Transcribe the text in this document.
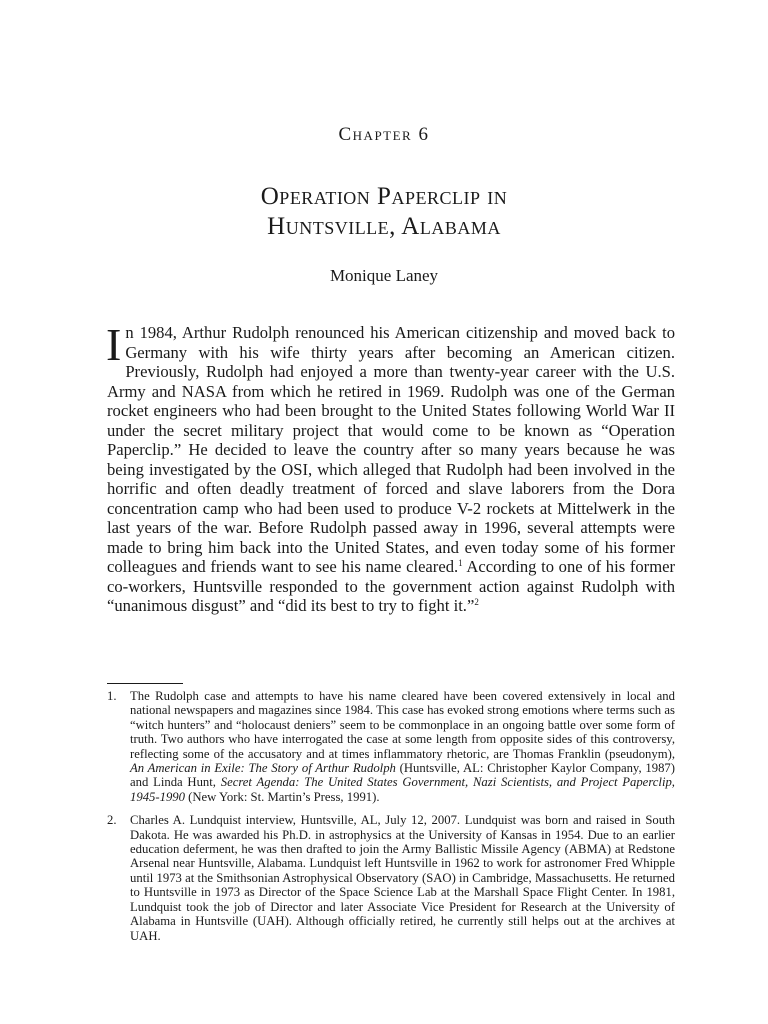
Chapter 6
Operation Paperclip in
Huntsville, Alabama
Monique Laney

In 1984, Arthur Rudolph renounced his American citizenship and moved back to Germany with his wife thirty years after becoming an American citizen. Previously, Rudolph had enjoyed a more than twenty-year career with the U.S. Army and NASA from which he retired in 1969. Rudolph was one of the German rocket engineers who had been brought to the United States following World War II under the secret military project that would come to be known as “Operation Paperclip.” He decided to leave the country after so many years because he was being investigated by the OSI, which alleged that Rudolph had been involved in the horrific and often deadly treatment of forced and slave laborers from the Dora concentration camp who had been used to produce V-2 rockets at Mittelwerk in the last years of the war. Before Rudolph passed away in 1996, several attempts were made to bring him back into the United States, and even today some of his former colleagues and friends want to see his name cleared.$^1$ According to one of his former co-workers, Huntsville responded to the government action against Rudolph with “unanimous disgust” and “did its best to try to fight it.”$^2$

1.	The Rudolph case and attempts to have his name cleared have been covered extensively in local and national newspapers and magazines since 1984. This case has evoked strong emotions where terms such as “witch hunters” and “holocaust deniers” seem to be commonplace in an ongoing battle over some form of truth. Two authors who have interrogated the case at some length from opposite sides of this controversy, reflecting some of the accusatory and at times inflammatory rhetoric, are Thomas Franklin (pseudonym), An American in Exile: The Story of Arthur Rudolph (Huntsville, AL: Christopher Kaylor Company, 1987) and Linda Hunt, Secret Agenda: The United States Government, Nazi Scientists, and Project Paperclip, 1945-1990 (New York: St. Martin’s Press, 1991).
2.	Charles A. Lundquist interview, Huntsville, AL, July 12, 2007. Lundquist was born and raised in South Dakota. He was awarded his Ph.D. in astrophysics at the University of Kansas in 1954. Due to an earlier education deferment, he was then drafted to join the Army Ballistic Missile Agency (ABMA) at Redstone Arsenal near Huntsville, Alabama. Lundquist left Huntsville in 1962 to work for astronomer Fred Whipple until 1973 at the Smithsonian Astrophysical Observatory (SAO) in Cambridge, Massachusetts. He returned to Huntsville in 1973 as Director of the Space Science Lab at the Marshall Space Flight Center. In 1981, Lundquist took the job of Director and later Associate Vice President for Research at the University of Alabama in Huntsville (UAH). Although officially retired, he currently still helps out at the archives at UAH.
